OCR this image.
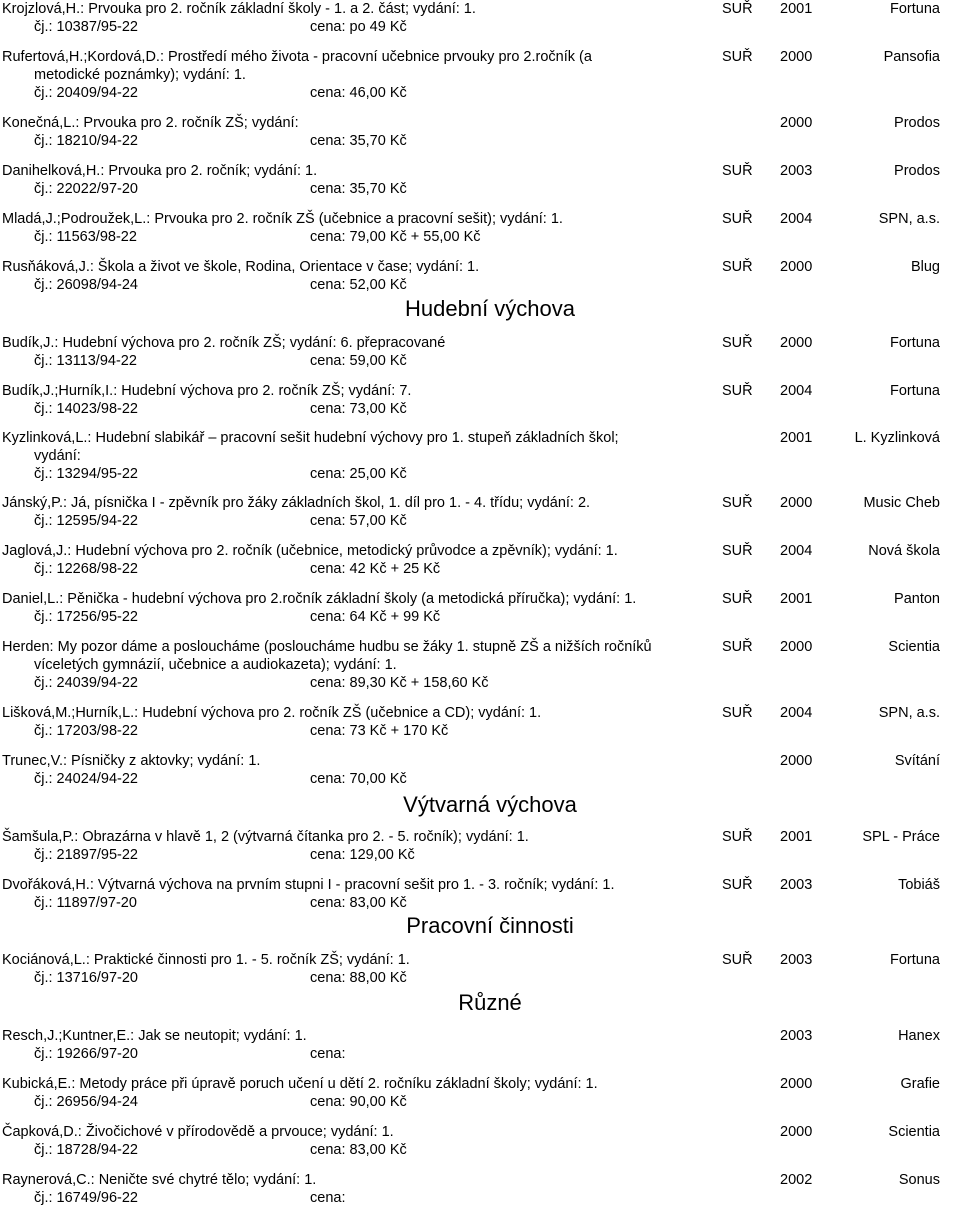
Krojzlová,H.: Prvouka pro 2. ročník základní školy - 1. a 2. část; vydání: 1.	SUŘ 2001	Fortuna
čj.: 10387/95-22	cena: po 49 Kč
Rufertová,H.;Kordová,D.: Prostředí mého života - pracovní učebnice prvouky pro 2.ročník (a	SUŘ 2000	Pansofia
metodické poznámky); vydání: 1.
čj.: 20409/94-22	cena: 46,00 Kč
Konečná,L.: Prvouka pro 2. ročník ZŠ; vydání:	2000	Prodos
čj.: 18210/94-22	cena: 35,70 Kč
Danihelková,H.: Prvouka pro 2. ročník; vydání: 1.	SUŘ 2003	Prodos
čj.: 22022/97-20	cena: 35,70 Kč
Mladá,J.;Podroužek,L.: Prvouka pro 2. ročník ZŠ (učebnice a pracovní sešit); vydání: 1.	SUŘ 2004	SPN, a.s.
čj.: 11563/98-22	cena: 79,00 Kč + 55,00 Kč
Rusňáková,J.: Škola a život ve škole, Rodina, Orientace v čase; vydání: 1.	SUŘ 2000	Blug
čj.: 26098/94-24	cena: 52,00 Kč
Hudební výchova
Budík,J.: Hudební výchova pro 2. ročník ZŠ; vydání: 6. přepracované	SUŘ 2000	Fortuna
čj.: 13113/94-22	cena: 59,00 Kč
Budík,J.;Hurník,I.: Hudební výchova pro 2. ročník ZŠ; vydání: 7.	SUŘ 2004	Fortuna
čj.: 14023/98-22	cena: 73,00 Kč
Kyzlinková,L.: Hudební slabikář – pracovní sešit hudební výchovy pro 1. stupeň základních škol;	2001	L. Kyzlinková
vydání:
čj.: 13294/95-22	cena: 25,00 Kč
Jánský,P.: Já, písnička I - zpěvník pro žáky základních škol, 1. díl pro 1. - 4. třídu; vydání: 2.	SUŘ 2000	Music Cheb
čj.: 12595/94-22	cena: 57,00 Kč
Jaglová,J.: Hudební výchova pro 2. ročník (učebnice, metodický průvodce a zpěvník); vydání: 1.	SUŘ 2004	Nová škola
čj.: 12268/98-22	cena: 42 Kč + 25 Kč
Daniel,L.: Pěnička - hudební výchova pro 2.ročník základní školy (a metodická příručka); vydání: 1.	SUŘ 2001	Panton
čj.: 17256/95-22	cena: 64 Kč + 99 Kč
Herden: My pozor dáme a posloucháme (posloucháme hudbu se žáky 1. stupně ZŠ a nižších ročníků	SUŘ 2000	Scientia
víceletých gymnázií, učebnice a audiokazeta); vydání: 1.
čj.: 24039/94-22	cena: 89,30 Kč + 158,60 Kč
Lišková,M.;Hurník,L.: Hudební výchova pro 2. ročník ZŠ (učebnice a CD); vydání: 1.	SUŘ 2004	SPN, a.s.
čj.: 17203/98-22	cena: 73 Kč + 170 Kč
Trunec,V.: Písničky z aktovky; vydání: 1.	2000	Svítání
čj.: 24024/94-22	cena: 70,00 Kč
Výtvarná výchova
Šamšula,P.: Obrazárna v hlavě 1, 2 (výtvarná čítanka pro 2. - 5. ročník); vydání: 1.	SUŘ 2001	SPL - Práce
čj.: 21897/95-22	cena: 129,00 Kč
Dvořáková,H.: Výtvarná výchova na prvním stupni I - pracovní sešit pro 1. - 3. ročník; vydání: 1.	SUŘ 2003	Tobiáš
čj.: 11897/97-20	cena: 83,00 Kč
Pracovní činnosti
Kociánová,L.: Praktické činnosti pro 1. - 5. ročník ZŠ; vydání: 1.	SUŘ 2003	Fortuna
čj.: 13716/97-20	cena: 88,00 Kč
Různé
Resch,J.;Kuntner,E.: Jak se neutopit; vydání: 1.	2003	Hanex
čj.: 19266/97-20	cena:
Kubická,E.: Metody práce při úpravě poruch učení u dětí 2. ročníku základní školy; vydání: 1.	2000	Grafie
čj.: 26956/94-24	cena: 90,00 Kč
Čapková,D.: Živočichové v přírodovědě a prvouce; vydání: 1.	2000	Scientia
čj.: 18728/94-22	cena: 83,00 Kč
Raynerová,C.: Neničte své chytré tělo; vydání: 1.	2002	Sonus
čj.: 16749/96-22	cena:
